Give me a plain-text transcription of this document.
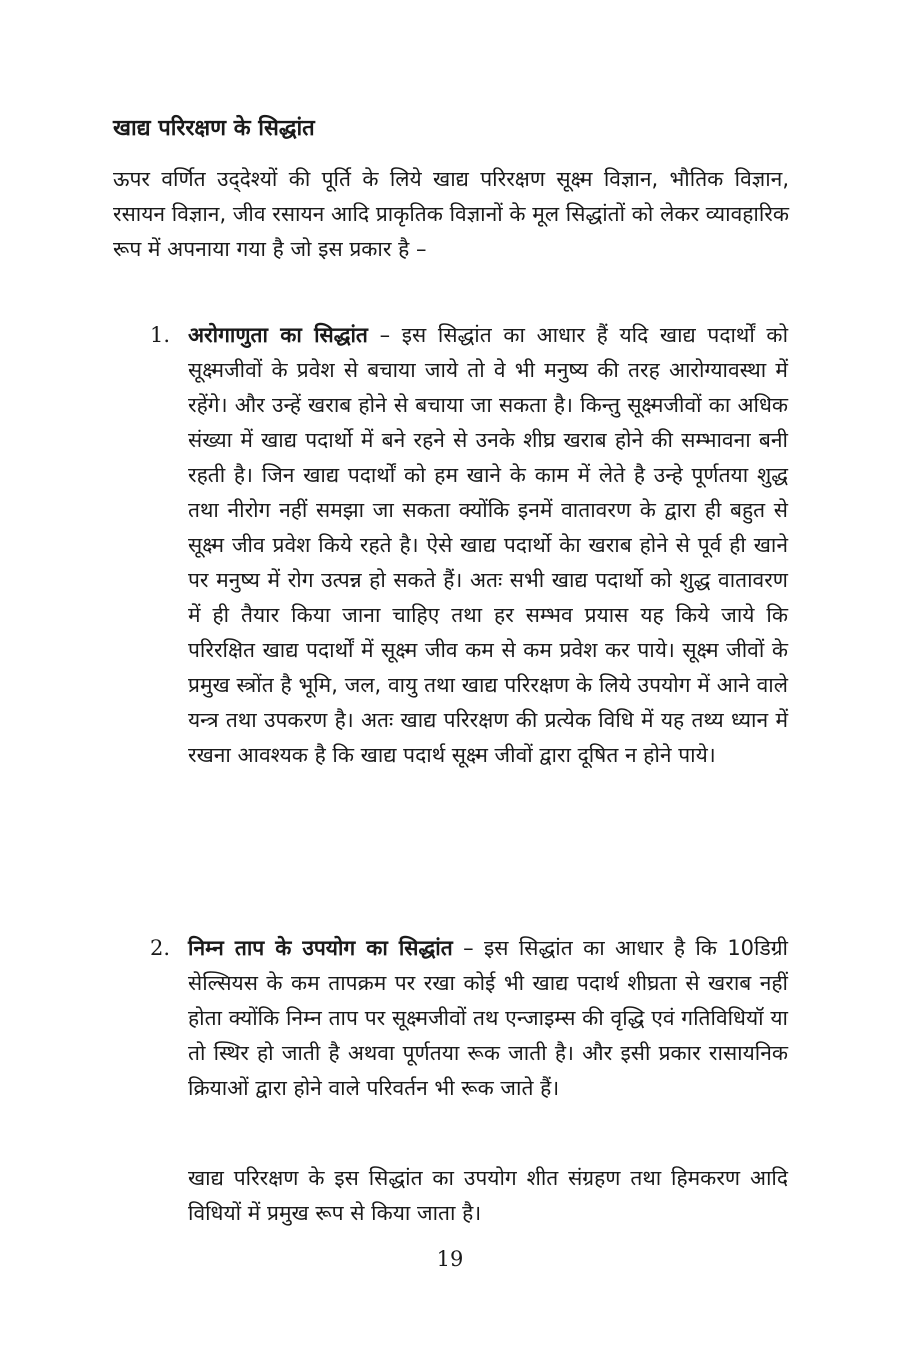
खाद्य परिरक्षण के सिद्धांत

ऊपर वर्णित उद्‌देश्यों की पूर्ति के लिये खाद्य परिरक्षण सूक्ष्म विज्ञान, भौतिक विज्ञान, रसायन विज्ञान, जीव रसायन आदि प्राकृतिक विज्ञानों के मूल सिद्धांतों को लेकर व्यावहारिक रूप में अपनाया गया है जो इस प्रकार है –

1. अरोगाणुता का सिद्धांत – इस सिद्धांत का आधार हैं यदि खाद्य पदार्थों को सूक्ष्मजीवों के प्रवेश से बचाया जाये तो वे भी मनुष्य की तरह आरोग्यावस्था में रहेंगे। और उन्हें खराब होने से बचाया जा सकता है। किन्तु सूक्ष्मजीवों का अधिक संख्या में खाद्य पदार्थो में बने रहने से उनके शीघ्र खराब होने की सम्भावना बनी रहती है। जिन खाद्य पदार्थों को हम खाने के काम में लेते है उन्हे पूर्णतया शुद्ध तथा नीरोग नहीं समझा जा सकता क्योंकि इनमें वातावरण के द्वारा ही बहुत से सूक्ष्म जीव प्रवेश किये रहते है। ऐसे खाद्य पदार्थो केा खराब होने से पूर्व ही खाने पर मनुष्य में रोग उत्पन्न हो सकते हैं। अतः सभी खाद्य पदार्थो को शुद्ध वातावरण में ही तैयार किया जाना चाहिए तथा हर सम्भव प्रयास यह किये जाये कि परिरक्षित खाद्य पदार्थों में सूक्ष्म जीव कम से कम प्रवेश कर पाये। सूक्ष्म जीवों के प्रमुख स्त्रोंत है भूमि, जल, वायु तथा खाद्य परिरक्षण के लिये उपयोग में आने वाले यन्त्र तथा उपकरण है। अतः खाद्य परिरक्षण की प्रत्येक विधि में यह तथ्य ध्यान में रखना आवश्यक है कि खाद्य पदार्थ सूक्ष्म जीवों द्वारा दूषित न होने पाये।

2. निम्न ताप के उपयोग का सिद्धांत – इस सिद्धांत का आधार है कि 10डिग्री सेल्सियस के कम तापक्रम पर रखा कोई भी खाद्य पदार्थ शीघ्रता से खराब नहीं होता क्योंकि निम्न ताप पर सूक्ष्मजीवों तथ एन्जाइम्स की वृद्धि एवं गतिविधियॉ या तो स्थिर हो जाती है अथवा पूर्णतया रूक जाती है। और इसी प्रकार रासायनिक क्रियाओं द्वारा होने वाले परिवर्तन भी रूक जाते हैं।

खाद्य परिरक्षण के इस सिद्धांत का उपयोग शीत संग्रहण तथा हिमकरण आदि विधियों में प्रमुख रूप से किया जाता है।

19
